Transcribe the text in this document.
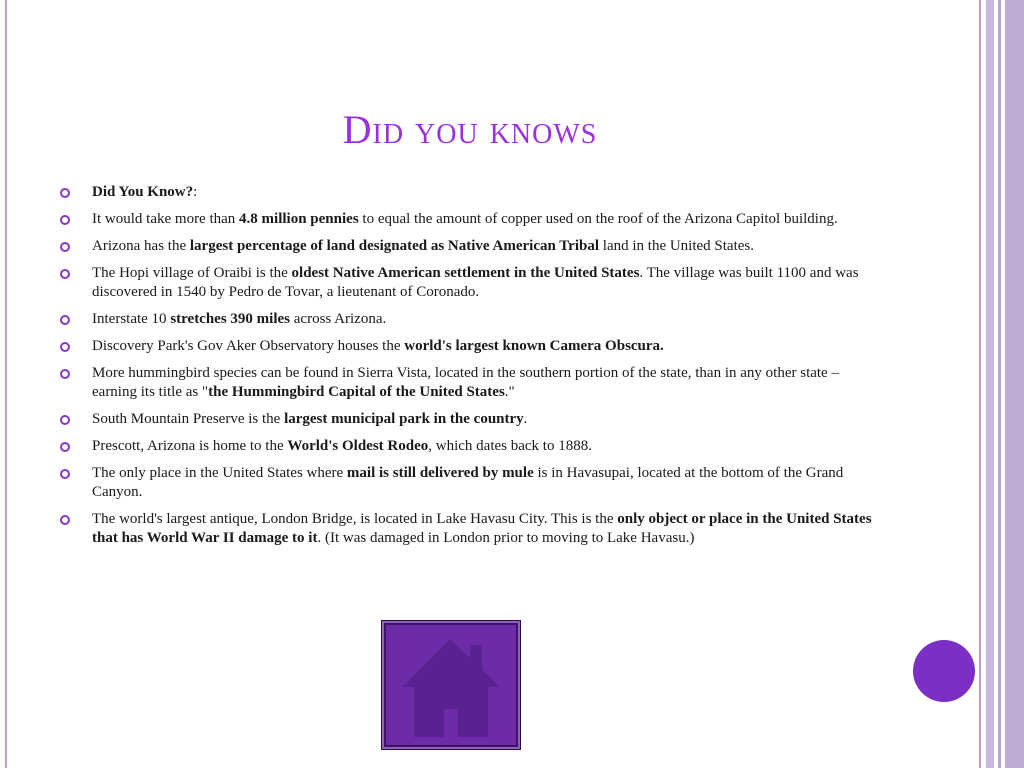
Did you knows
Did You Know?:
It would take more than 4.8 million pennies to equal the amount of copper used on the roof of the Arizona Capitol building.
Arizona has the largest percentage of land designated as Native American Tribal land in the United States.
The Hopi village of Oraibi is the oldest Native American settlement in the United States. The village was built 1100 and was discovered in 1540 by Pedro de Tovar, a lieutenant of Coronado.
Interstate 10 stretches 390 miles across Arizona.
Discovery Park's Gov Aker Observatory houses the world's largest known Camera Obscura.
More hummingbird species can be found in Sierra Vista, located in the southern portion of the state, than in any other state – earning its title as "the Hummingbird Capital of the United States."
South Mountain Preserve is the largest municipal park in the country.
Prescott, Arizona is home to the World's Oldest Rodeo, which dates back to 1888.
The only place in the United States where mail is still delivered by mule is in Havasupai, located at the bottom of the Grand Canyon.
The world's largest antique, London Bridge, is located in Lake Havasu City. This is the only object or place in the United States that has World War II damage to it. (It was damaged in London prior to moving to Lake Havasu.)
